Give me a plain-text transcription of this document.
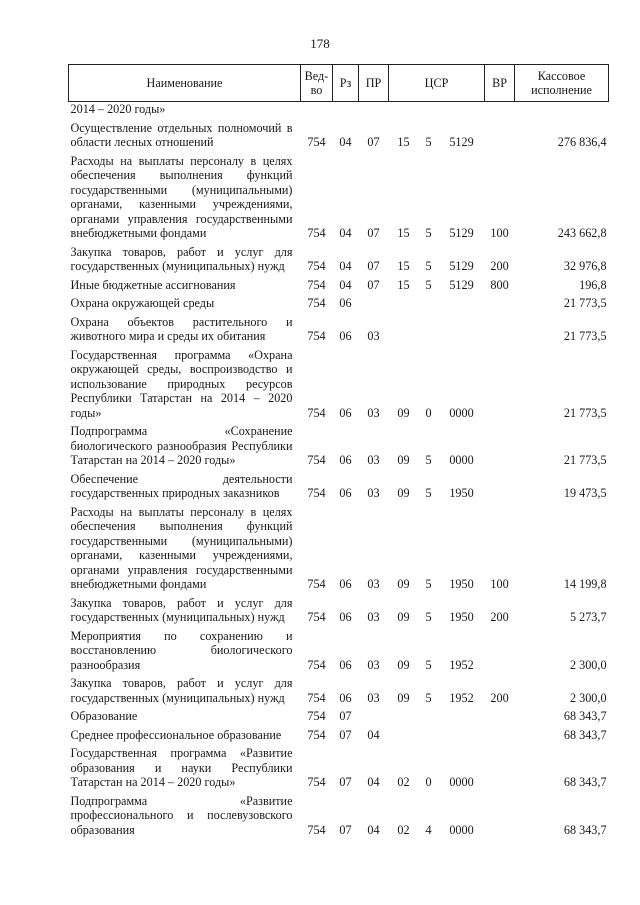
178
Наименование	Вед-во	Рз	ПР	ЦСР			ВР	Кассовое исполнение
2014 – 2020 годы»								
Осуществление отдельных полномочий в области лесных отношений	754	04	07	15	5	5129		276 836,4
Расходы на выплаты персоналу в целях обеспечения выполнения функций государственными (муниципальными) органами, казенными учреждениями, органами управления государственными внебюджетными фондами	754	04	07	15	5	5129	100	243 662,8
Закупка товаров, работ и услуг для государственных (муниципальных) нужд	754	04	07	15	5	5129	200	32 976,8
Иные бюджетные ассигнования	754	04	07	15	5	5129	800	196,8
Охрана окружающей среды	754	06						21 773,5
Охрана объектов растительного и животного мира и среды их обитания	754	06	03					21 773,5
Государственная программа «Охрана окружающей среды, воспроизводство и использование природных ресурсов Республики Татарстан на 2014 – 2020 годы»	754	06	03	09	0	0000		21 773,5
Подпрограмма «Сохранение биологического разнообразия Республики Татарстан на 2014 – 2020 годы»	754	06	03	09	5	0000		21 773,5
Обеспечение деятельности государственных природных заказников	754	06	03	09	5	1950		19 473,5
Расходы на выплаты персоналу в целях обеспечения выполнения функций государственными (муниципальными) органами, казенными учреждениями, органами управления государственными внебюджетными фондами	754	06	03	09	5	1950	100	14 199,8
Закупка товаров, работ и услуг для государственных (муниципальных) нужд	754	06	03	09	5	1950	200	5 273,7
Мероприятия по сохранению и восстановлению биологического разнообразия	754	06	03	09	5	1952		2 300,0
Закупка товаров, работ и услуг для государственных (муниципальных) нужд	754	06	03	09	5	1952	200	2 300,0
Образование	754	07						68 343,7
Среднее профессиональное образование	754	07	04					68 343,7
Государственная программа «Развитие образования и науки Республики Татарстан на 2014 – 2020 годы»	754	07	04	02	0	0000		68 343,7
Подпрограмма «Развитие профессионального и послевузовского образования	754	07	04	02	4	0000		68 343,7
